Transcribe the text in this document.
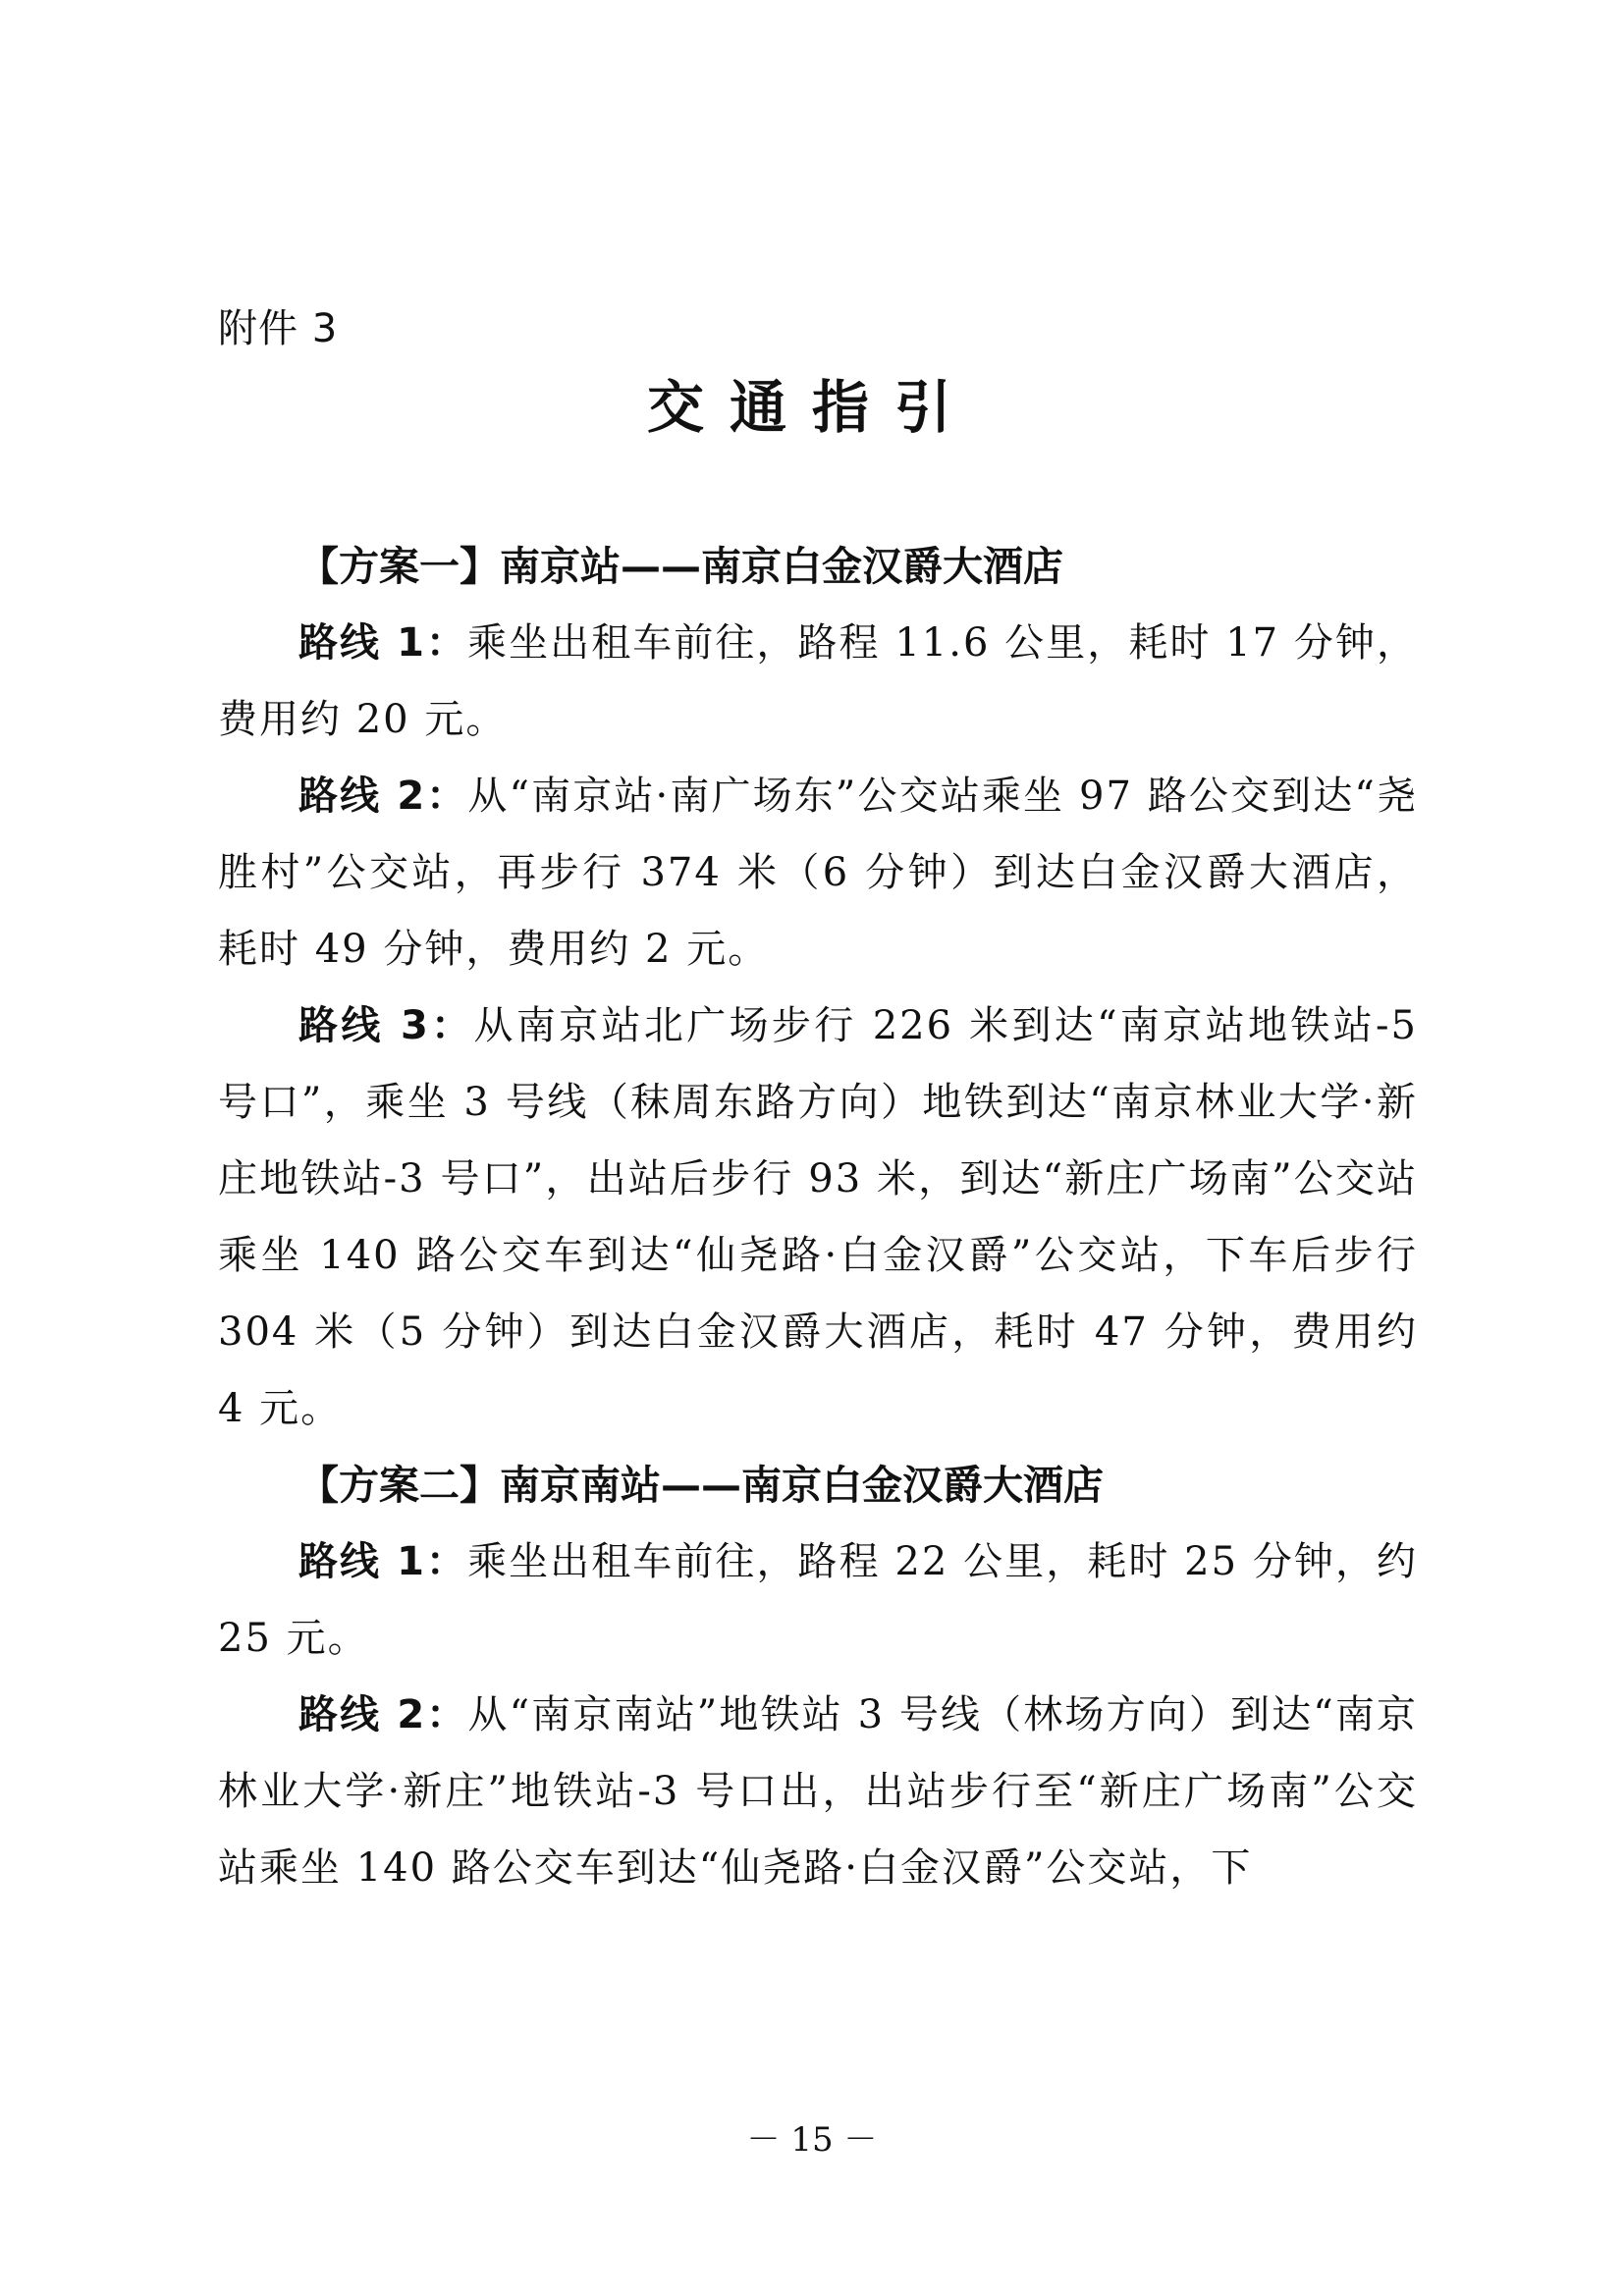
附件 3
交通指引
【方案一】南京站——南京白金汉爵大酒店
路线 1：乘坐出租车前往，路程 11.6 公里，耗时 17 分钟，费用约 20 元。
路线 2：从“南京站·南广场东”公交站乘坐 97 路公交到达“尧胜村”公交站，再步行 374 米（6 分钟）到达白金汉爵大酒店，耗时 49 分钟，费用约 2 元。
路线 3：从南京站北广场步行 226 米到达“南京站地铁站-5 号口”，乘坐 3 号线（秣周东路方向）地铁到达“南京林业大学·新庄地铁站-3 号口”，出站后步行 93 米，到达“新庄广场南”公交站乘坐 140 路公交车到达“仙尧路·白金汉爵”公交站，下车后步行 304 米（5 分钟）到达白金汉爵大酒店，耗时 47 分钟，费用约 4 元。
【方案二】南京南站——南京白金汉爵大酒店
路线 1：乘坐出租车前往，路程 22 公里，耗时 25 分钟，约 25 元。
路线 2：从“南京南站”地铁站 3 号线（林场方向）到达“南京林业大学·新庄”地铁站-3 号口出，出站步行至“新庄广场南”公交站乘坐 140 路公交车到达“仙尧路·白金汉爵”公交站，下
－ 15 －
